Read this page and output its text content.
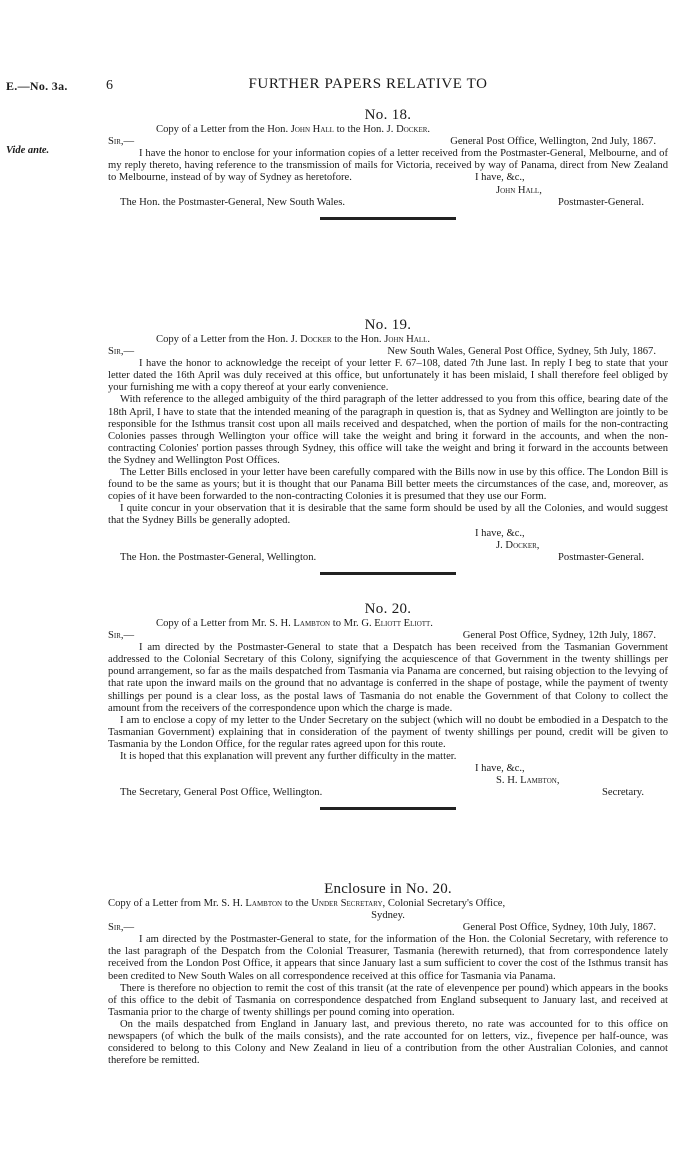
E.—No. 3a.	6	FURTHER PAPERS RELATIVE TO
Vide ante.
No. 18.
Copy of a Letter from the Hon. John Hall to the Hon. J. Docker.
Sir,—	General Post Office, Wellington, 2nd July, 1867.
I have the honor to enclose for your information copies of a letter received from the Postmaster-General, Melbourne, and of my reply thereto, having reference to the transmission of mails for Victoria, received by way of Panama, direct from New Zealand to Melbourne, instead of by way of Sydney as heretofore.	I have, &c.,
John Hall,
The Hon. the Postmaster-General, New South Wales.	Postmaster-General.
No. 19.
Copy of a Letter from the Hon. J. Docker to the Hon. John Hall.
Sir,—	New South Wales, General Post Office, Sydney, 5th July, 1867.
I have the honor to acknowledge the receipt of your letter F. 67–108, dated 7th June last. In reply I beg to state that your letter dated the 16th April was duly received at this office, but unfortunately it has been mislaid, I shall therefore feel obliged by your furnishing me with a copy thereof at your early convenience.
With reference to the alleged ambiguity of the third paragraph of the letter addressed to you from this office, bearing date of the 18th April, I have to state that the intended meaning of the paragraph in question is, that as Sydney and Wellington are jointly to be responsible for the Isthmus transit cost upon all mails received and despatched, when the portion of mails for the non-contracting Colonies passes through Wellington your office will take the weight and bring it forward in the accounts, and when the non-contracting Colonies' portion passes through Sydney, this office will take the weight and bring it forward in the accounts between the Sydney and Wellington Post Offices.
The Letter Bills enclosed in your letter have been carefully compared with the Bills now in use by this office. The London Bill is found to be the same as yours; but it is thought that our Panama Bill better meets the circumstances of the case, and, moreover, as copies of it have been forwarded to the non-contracting Colonies it is presumed that they use our Form.
I quite concur in your observation that it is desirable that the same form should be used by all the Colonies, and would suggest that the Sydney Bills be generally adopted.
I have, &c.,
J. Docker,
The Hon. the Postmaster-General, Wellington.	Postmaster-General.
No. 20.
Copy of a Letter from Mr. S. H. Lambton to Mr. G. Eliott Eliott.
Sir,—	General Post Office, Sydney, 12th July, 1867.
I am directed by the Postmaster-General to state that a Despatch has been received from the Tasmanian Government addressed to the Colonial Secretary of this Colony, signifying the acquiescence of that Government in the twenty shillings per pound arrangement, so far as the mails despatched from Tasmania via Panama are concerned, but raising objection to the levying of that rate upon the inward mails on the ground that no advantage is conferred in the shape of postage, while the payment of twenty shillings per pound is a clear loss, as the postal laws of Tasmania do not enable the Government of that Colony to collect the amount from the receivers of the correspondence upon which the charge is made.
I am to enclose a copy of my letter to the Under Secretary on the subject (which will no doubt be embodied in a Despatch to the Tasmanian Government) explaining that in consideration of the payment of twenty shillings per pound, credit will be given to Tasmania by the London Office, for the regular rates agreed upon for this route.
It is hoped that this explanation will prevent any further difficulty in the matter.
I have, &c.,
S. H. Lambton,
The Secretary, General Post Office, Wellington.	Secretary.
Enclosure in No. 20.
Copy of a Letter from Mr. S. H. Lambton to the Under Secretary, Colonial Secretary's Office,
Sydney.
Sir,—	General Post Office, Sydney, 10th July, 1867.
I am directed by the Postmaster-General to state, for the information of the Hon. the Colonial Secretary, with reference to the last paragraph of the Despatch from the Colonial Treasurer, Tasmania (herewith returned), that from correspondence lately received from the London Post Office, it appears that since January last a sum sufficient to cover the cost of the Isthmus transit has been credited to New South Wales on all correspondence received at this office for Tasmania via Panama.
There is therefore no objection to remit the cost of this transit (at the rate of elevenpence per pound) which appears in the books of this office to the debit of Tasmania on correspondence despatched from England subsequent to January last, and received at Tasmania prior to the charge of twenty shillings per pound coming into operation.
On the mails despatched from England in January last, and previous thereto, no rate was accounted for to this office on newspapers (of which the bulk of the mails consists), and the rate accounted for on letters, viz., fivepence per half-ounce, was considered to belong to this Colony and New Zealand in lieu of a contribution from the other Australian Colonies, and cannot therefore be remitted.
